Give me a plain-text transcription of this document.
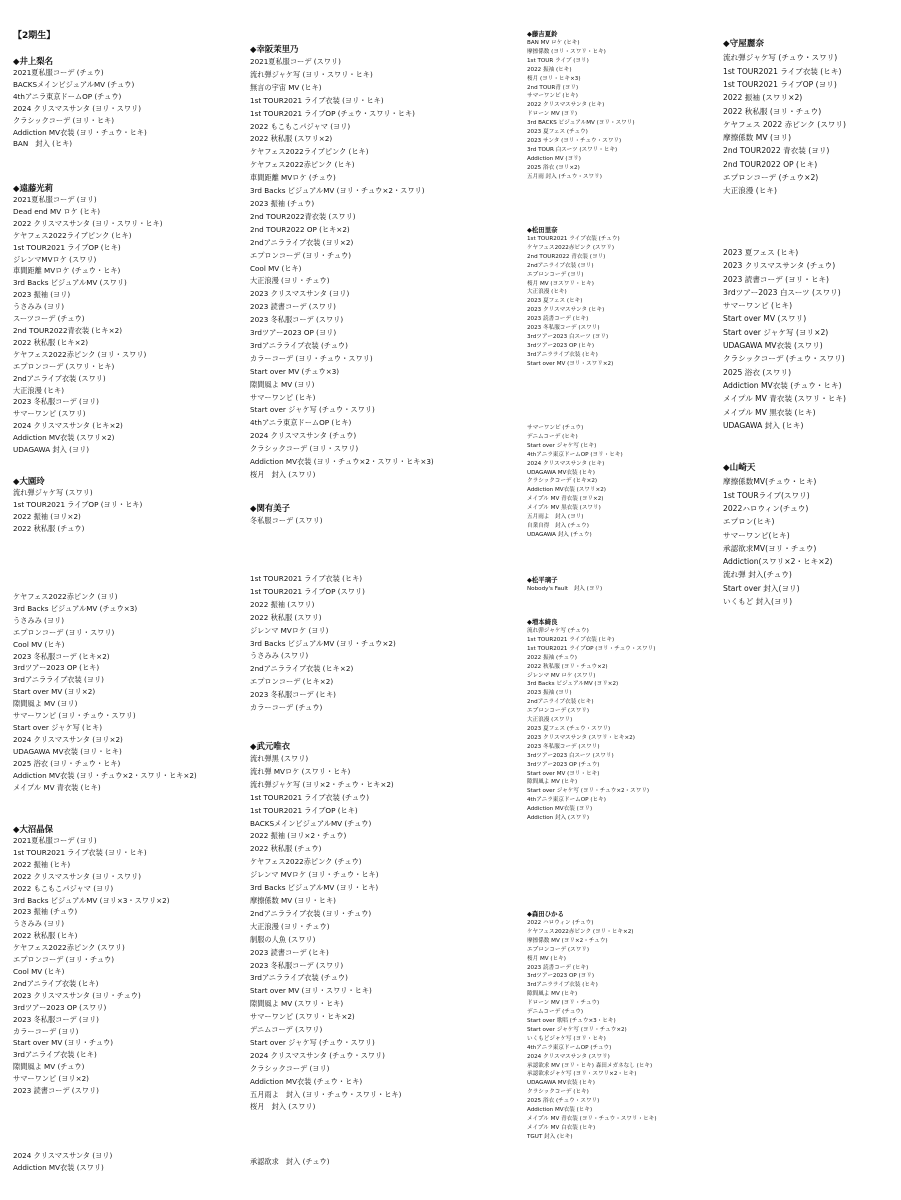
【2期生】
◆井上梨名
2021夏私服コーデ (チュウ)
BACKSメインビジュアルMV (チュウ)
4thアニラ東京ドームOP (チュウ)
2024 クリスマスサンタ (ヨリ・スワリ)
クラシックコーデ (ヨリ・ヒキ)
Addiction MV衣装 (ヨリ・チュウ・ヒキ)
BAN　封入 (ヒキ)
◆遠藤光莉
2021夏私服コーデ (ヨリ)
Dead end MV ロケ (ヒキ)
2022 クリスマスサンタ (ヨリ・スワリ・ヒキ)
ケヤフェス2022ライブピンク (ヒキ)
1st TOUR2021 ライブOP (ヒキ)
ジレンマMVロケ (スワリ)
車間距離 MVロケ (チュウ・ヒキ)
3rd Backs ビジュアルMV (スワリ)
2023 振袖 (ヨリ)
うさみみ (ヨリ)
スーツコーデ (チュウ)
2nd TOUR2022青衣装 (ヒキ×2)
2022 秋私服 (ヒキ×2)
ケヤフェス2022赤ピンク (ヨリ・スワリ)
エプロンコーデ (スワリ・ヒキ)
2ndアニライブ衣装 (スワリ)
大正浪漫 (ヒキ)
2023 冬私服コーデ (ヨリ)
サマーワンピ (スワリ)
2024 クリスマスサンタ (ヒキ×2)
Addiction MV衣装 (スワリ×2)
UDAGAWA 封入 (ヨリ)
◆大園玲
流れ弾ジャケ写 (スワリ)
1st TOUR2021 ライブOP (ヨリ・ヒキ)
2022 振袖 (ヨリ×2)
2022 秋私服 (チュウ)
ケヤフェス2022赤ピンク (ヨリ)
3rd Backs ビジュアルMV (チュウ×3)
うさみみ (ヨリ)
エプロンコーデ (ヨリ・スワリ)
Cool MV (ヒキ)
2023 冬私服コーデ (ヒキ×2)
3rdツアー2023 OP (ヒキ)
3rdアニラライブ衣装 (ヨリ)
Start over MV (ヨリ×2)
隙間風よ MV (ヨリ)
サマーワンピ (ヨリ・チュウ・スワリ)
Start over ジャケ写 (ヒキ)
2024 クリスマスサンタ (ヨリ×2)
UDAGAWA MV衣装 (ヨリ・ヒキ)
2025 浴衣 (ヨリ・チュウ・ヒキ)
Addiction MV衣装 (ヨリ・チュウ×2・スワリ・ヒキ×2)
メイプル MV 青衣装 (ヒキ)
◆大沼晶保
2021夏私服コーデ (ヨリ)
1st TOUR2021 ライブ衣装 (ヨリ・ヒキ)
2022 振袖 (ヒキ)
2022 クリスマスサンタ (ヨリ・スワリ)
2022 もこもこパジャマ (ヨリ)
3rd Backs ビジュアルMV (ヨリ×3・スワリ×2)
2023 振袖 (チュウ)
うさみみ (ヨリ)
2022 秋私服 (ヒキ)
ケヤフェス2022赤ピンク (スワリ)
エプロンコーデ (ヨリ・チュウ)
Cool MV (ヒキ)
2ndアニライブ衣装 (ヒキ)
2023 クリスマスサンタ (ヨリ・チュウ)
3rdツアー2023 OP (スワリ)
2023 冬私服コーデ (ヨリ)
カラーコーデ (ヨリ)
Start over MV (ヨリ・チュウ)
3rdアニライブ衣装 (ヒキ)
隙間風よ MV (チュウ)
サマーワンピ (ヨリ×2)
2023 読書コーデ (スワリ)
2024 クリスマスサンタ (ヨリ)
Addiction MV衣装 (スワリ)
◆幸阪茉里乃
2021夏私服コーデ (スワリ)
流れ弾ジャケ写 (ヨリ・スワリ・ヒキ)
無言の宇宙 MV (ヒキ)
1st TOUR2021 ライブ衣装 (ヨリ・ヒキ)
1st TOUR2021 ライブOP (チュウ・スワリ・ヒキ)
2022 もこもこパジャマ (ヨリ)
2022 秋私服 (スワリ×2)
ケヤフェス2022ライブピンク (ヒキ)
ケヤフェス2022赤ピンク (ヒキ)
車間距離 MVロケ (チュウ)
3rd Backs ビジュアルMV (ヨリ・チュウ×2・スワリ)
2023 振袖 (チュウ)
2nd TOUR2022青衣装 (スワリ)
2nd TOUR2022 OP (ヒキ×2)
2ndアニラライブ衣装 (ヨリ×2)
エプロンコーデ (ヨリ・チュウ)
Cool MV (ヒキ)
大正浪漫 (ヨリ・チュウ)
2023 クリスマスサンタ (ヨリ)
2023 読書コーデ (スワリ)
2023 冬私服コーデ (スワリ)
3rdツアー2023 OP (ヨリ)
3rdアニラライブ衣装 (チュウ)
カラーコーデ (ヨリ・チュウ・スワリ)
Start over MV (チュウ×3)
隙間風よ MV (ヨリ)
サマーワンピ (ヒキ)
Start over ジャケ写 (チュウ・スワリ)
4thアニラ東京ドームOP (ヒキ)
2024 クリスマスサンタ (チュウ)
クラシックコーデ (ヨリ・スワリ)
Addiction MV衣装 (ヨリ・チュウ×2・スワリ・ヒキ×3)
桜月　封入 (スワリ)
◆関有美子
冬私服コーデ (スワリ)
1st TOUR2021 ライブ衣装 (ヒキ)
1st TOUR2021 ライブOP (スワリ)
2022 振袖 (スワリ)
2022 秋私服 (スワリ)
ジレンマ MVロケ (ヨリ)
3rd Backs ビジュアルMV (ヨリ・チュウ×2)
うさみみ (スワリ)
2ndアニラライブ衣装 (ヒキ×2)
エプロンコーデ (ヒキ×2)
2023 冬私服コーデ (ヒキ)
カラーコーデ (チュウ)
◆武元唯衣
流れ弾黒 (スワリ)
流れ弾 MVロケ (スワリ・ヒキ)
流れ弾ジャケ写 (ヨリ×2・チュウ・ヒキ×2)
1st TOUR2021 ライブ衣装 (チュウ)
1st TOUR2021 ライブOP (ヒキ)
BACKSメインビジュアルMV (チュウ)
2022 振袖 (ヨリ×2・チュウ)
2022 秋私服 (チュウ)
ケヤフェス2022赤ピンク (チュウ)
ジレンマ MVロケ (ヨリ・チュウ・ヒキ)
3rd Backs ビジュアルMV (ヨリ・ヒキ)
摩擦係数 MV (ヨリ・ヒキ)
2ndアニラライブ衣装 (ヨリ・チュウ)
大正浪漫 (ヨリ・チュウ)
制服の人魚 (スワリ)
2023 読書コーデ (ヒキ)
2023 冬私服コーデ (スワリ)
3rdアニラライブ衣装 (チュウ)
Start over MV (ヨリ・スワリ・ヒキ)
隙間風よ MV (スワリ・ヒキ)
サマーワンピ (スワリ・ヒキ×2)
デニムコーデ (スワリ)
Start over ジャケ写 (チュウ・スワリ)
2024 クリスマスサンタ (チュウ・スワリ)
クラシックコーデ (ヨリ)
Addiction MV衣装 (チュウ・ヒキ)
五月雨よ　封入 (ヨリ・チュウ・スワリ・ヒキ)
桜月　封入 (スワリ)
承認欲求　封入 (チュウ)
◆藤吉夏鈴
BAN MV ロケ (ヒキ)
摩擦係数 (ヨリ・スワリ・ヒキ)
1st TOUR ライブ (ヨリ)
2022 振袖 (ヒキ)
桜月 (ヨリ・ヒキ×3)
2nd TOUR青 (ヨリ)
サマーワンピ (ヒキ)
2022 クリスマスサンタ (ヒキ)
ドローン MV (ヨリ)
3rd BACKS ビジュアルMV (ヨリ・スワリ)
2023 夏フェス (チュウ)
2023 サンタ (ヨリ・チュウ・スワリ)
3rd TOUR 白スーツ (スワリ・ヒキ)
Addiction MV (ヨリ)
2025 浴衣 (ヨリ×2)
五月雨 封入 (チュウ・スワリ)
◆松田里奈
1st TOUR2021 ライブ衣装 (チュウ)
ケヤフェス2022赤ピンク (スワリ)
2nd TOUR2022 青衣装 (ヨリ)
2ndアニライブ衣装 (ヨリ)
エプロンコーデ (ヨリ)
桜月 MV (ヨスワリ・ヒキ)
大正浪漫 (ヒキ)
2023 夏フェス (ヒキ)
2023 クリスマスサンタ (ヒキ)
2023 読書コーデ (ヒキ)
2023 冬私服コーデ (スワリ)
3rdツアー2023 白スーツ (ヨリ)
3rdツアー2023 OP (ヒキ)
3rdアニラライブ衣装 (ヒキ)
Start over MV (ヨリ・スワリ×2)
サマーワンピ (チュウ)
デニムコーデ (ヒキ)
Start over ジャケ写 (ヒキ)
4thアニラ東京ドームOP (ヨリ・ヒキ)
2024 クリスマスサンタ (ヒキ)
UDAGAWA MV衣装 (ヒキ)
クラシックコーデ (ヒキ×2)
Addiction MV衣装 (スワリ×2)
メイプル MV 青衣装 (ヨリ×2)
メイプル MV 黒衣装 (スワリ)
五月雨よ　封入 (ヨリ)
自業自得　封入 (チュウ)
UDAGAWA 封入 (チュウ)
◆松平璃子
Nobody's Fault　封入 (ヨリ)
◆増本綺良
流れ弾ジャケ写 (チュウ)
1st TOUR2021 ライブ衣装 (ヒキ)
1st TOUR2021 ライブOP (ヨリ・チュウ・スワリ)
2022 振袖 (チュウ)
2022 秋私服 (ヨリ・チュウ×2)
ジレンマ MV ロケ (スワリ)
3rd Backs ビジュアルMV (ヨリ×2)
2023 振袖 (ヨリ)
2ndアニライブ衣装 (ヒキ)
エプロンコーデ (スワリ)
大正浪漫 (スワリ)
2023 夏フェス (チュウ・スワリ)
2023 クリスマスサンタ (スワリ・ヒキ×2)
2023 冬私服コーデ (スワリ)
3rdツアー2023 白スーツ (スワリ)
3rdツアー2023 OP (チュウ)
Start over MV (ヨリ・ヒキ)
隙間風よ MV (ヒキ)
Start over ジャケ写 (ヨリ・チュウ×2・スワリ)
4thアニラ東京ドームOP (ヒキ)
Addiction MV衣装 (ヨリ)
Addiction 封入 (スワリ)
◆森田ひかる
2022 ハロウィン (チュウ)
ケヤフェス2022赤ピンク (ヨリ・ヒキ×2)
摩擦係数 MV (ヨリ×2・チュウ)
エプロンコーデ (スワリ)
桜月 MV (ヒキ)
2023 読書コーデ (ヒキ)
3rdツアー2023 OP (ヨリ)
3rdアニラライブ衣装 (ヒキ)
隙間風よ MV (ヒキ)
ドローン MV (ヨリ・チュウ)
デニムコーデ (チュウ)
Start over 歌唱 (チュウ×3・ヒキ)
Start over ジャケ写 (ヨリ・チュウ×2)
いくもどジャケ写 (ヨリ・ヒキ)
4thアニラ東京ドームOP (チュウ)
2024 クリスマスサンタ (スワリ)
承認欲求 MV (ヨリ・ヒキ) 森田メガネなし (ヒキ)
承認欲求ジャケ写 (ヨリ・スワリ×2・ヒキ)
UDAGAWA MV衣装 (ヒキ)
クラシックコーデ (ヒキ)
2025 浴衣 (チュウ・スワリ)
Addiction MV衣装 (ヒキ)
メイプル MV 青衣装 (ヨリ・チュウ・スワリ・ヒキ)
メイプル MV 白衣装 (ヒキ)
TGUT 封入 (ヒキ)
◆守屋麗奈
流れ弾ジャケ写 (チュウ・スワリ)
1st TOUR2021 ライブ衣装 (ヒキ)
1st TOUR2021 ライブOP (ヨリ)
2022 振袖 (スワリ×2)
2022 秋私服 (ヨリ・チュウ)
ケヤフェス 2022 赤ピンク (スワリ)
摩擦係数 MV (ヨリ)
2nd TOUR2022 青衣装 (ヨリ)
2nd TOUR2022 OP (ヒキ)
エプロンコーデ (チュウ×2)
大正浪漫 (ヒキ)
2023 夏フェス (ヒキ)
2023 クリスマスサンタ (チュウ)
2023 読書コーデ (ヨリ・ヒキ)
3rdツアー2023 白スーツ (スワリ)
サマーワンピ (ヒキ)
Start over MV (スワリ)
Start over ジャケ写 (ヨリ×2)
UDAGAWA MV衣装 (スワリ)
クラシックコーデ (チュウ・スワリ)
2025 浴衣 (スワリ)
Addiction MV衣装 (チュウ・ヒキ)
メイプル MV 青衣装 (スワリ・ヒキ)
メイプル MV 黒衣装 (ヒキ)
UDAGAWA 封入 (ヒキ)
◆山崎天
摩擦係数MV(チュウ・ヒキ)
1st TOURライブ(スワリ)
2022ハロウィン(チュウ)
エプロン(ヒキ)
サマーワンピ(ヒキ)
承認欲求MV(ヨリ・チュウ)
Addiction(スワリ×2・ヒキ×2)
流れ弾 封入(チュウ)
Start over 封入(ヨリ)
いくもど 封入(ヨリ)
